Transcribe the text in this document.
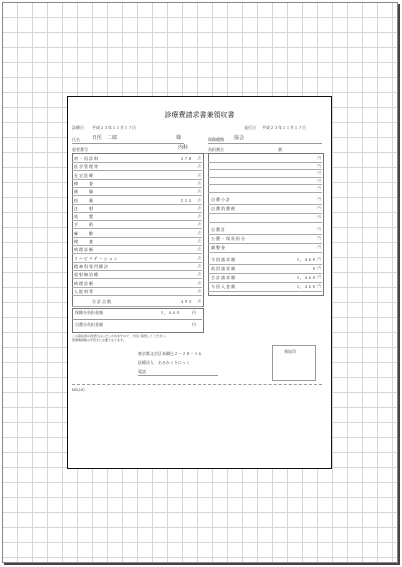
診療費請求書兼領収書
診療日 平成２３年１１月１７日	発行日 平成２３年１１月１７日
氏名 日医　二郎	様	保険種類 協会
患者番号	内科	負担割合	割
保険分負担金額	１，４６０	円
自費分負担金額	円
この領収書の再発行はいたしかねますので、大切に保管してください。
医療費控除の手続きに必要となります。
東京都文京区本駒込２－２８－１６
医療法人　おるかくりにっく
電話
領収印
NO(10)
初・再診料	２７８ 点
医学管理等	点
在宅医療	点
検　　査	点
画　　像	点
投　　薬	２１５ 点
注　　射	点
処　　置	点
手　　術	点
麻　　酔	点
検　　査	点
病理診断	点
リハビリテーション	点
精神科専門療法	点
放射線治療	点
病理診断	点
入院料等	点
合計点数	４９３ 点
円
円
円
円
円
自費小計	円
自費消費税	円
円
自費計	円
公費・保負担分	円
調整金	円
今回請求額	１，４６０ 円
前回請求額	０ 円
合計請求額	１，４６０ 円
今回入金額	１，４６０ 円
